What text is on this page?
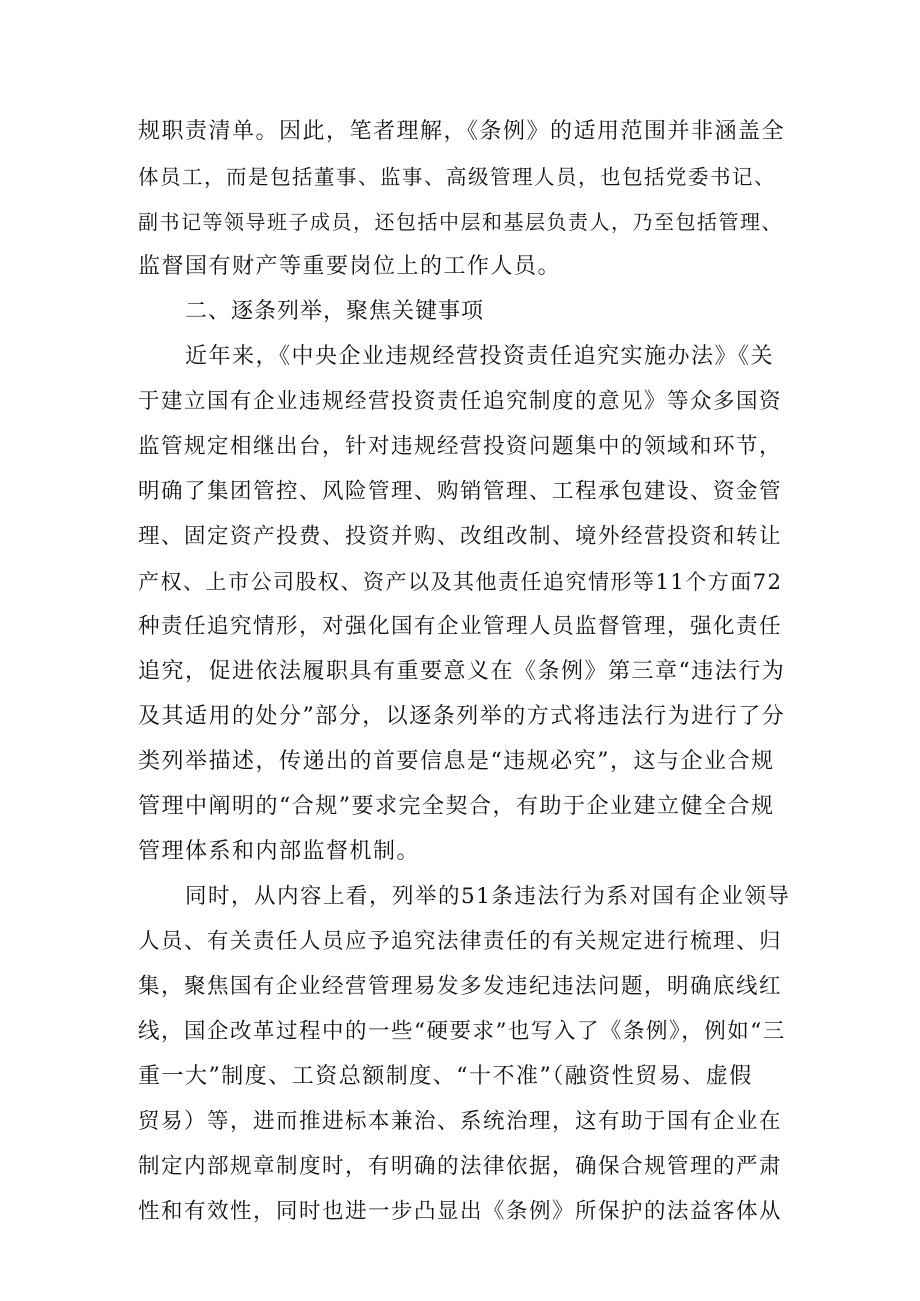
规职责清单。因此，笔者理解，《条例》的适用范围并非涵盖全
体员工，而是包括董事、监事、高级管理人员，也包括党委书记、
副书记等领导班子成员，还包括中层和基层负责人，乃至包括管理、
监督国有财产等重要岗位上的工作人员。
二、逐条列举，聚焦关键事项
近年来，《中央企业违规经营投资责任追究实施办法》《关
于建立国有企业违规经营投资责任追究制度的意见》等众多国资
监管规定相继出台，针对违规经营投资问题集中的领域和环节，
明确了集团管控、风险管理、购销管理、工程承包建设、资金管
理、固定资产投费、投资并购、改组改制、境外经营投资和转让
产权、上市公司股权、资产以及其他责任追究情形等11个方面72
种责任追究情形，对强化国有企业管理人员监督管理，强化责任
追究，促进依法履职具有重要意义在《条例》第三章“违法行为
及其适用的处分”部分，以逐条列举的方式将违法行为进行了分
类列举描述，传递出的首要信息是“违规必究”，这与企业合规
管理中阐明的“合规”要求完全契合，有助于企业建立健全合规
管理体系和内部监督机制。
同时，从内容上看，列举的51条违法行为系对国有企业领导
人员、有关责任人员应予追究法律责任的有关规定进行梳理、归
集，聚焦国有企业经营管理易发多发违纪违法问题，明确底线红
线，国企改革过程中的一些“硬要求”也写入了《条例》，例如“三
重一大”制度、工资总额制度、“十不准”（融资性贸易、虚假
贸易）等，进而推进标本兼治、系统治理，这有助于国有企业在
制定内部规章制度时，有明确的法律依据，确保合规管理的严肃
性和有效性，同时也进一步凸显出《条例》所保护的法益客体从
